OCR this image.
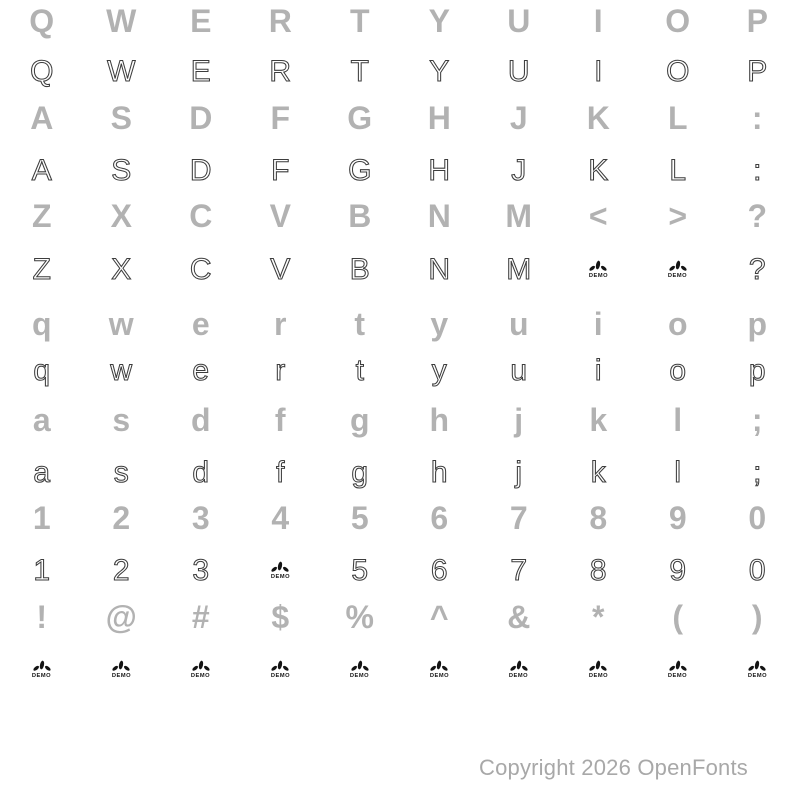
Q W E R T Y U I O P
Q W E R T Y U I O P
A S D F G H J K L :
A S D F G H J K L :
Z X C V B N M < > ?
Z X C V B N M	DEMO	DEMO ?
q w e r t y u i o p
q w e r t y u i o p
a s d f g h j k l ;
a s d f g h j k l ;
1 2 3 4 5 6 7 8 9 0
1 2 3	DEMO 5 6 7 8 9 0
! @ # $ % ^ & * ( )
DEMO	DEMO	DEMO	DEMO	DEMO	DEMO	DEMO	DEMO	DEMO	DEMO
Copyright 2026 OpenFonts
